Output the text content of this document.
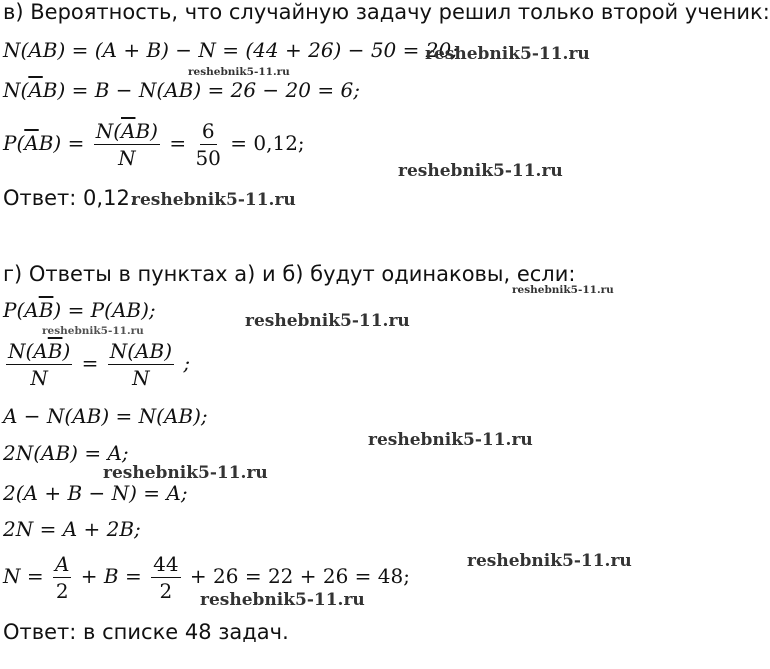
в) Вероятность, что случайную задачу решил только второй ученик:
N(AB) = (A + B) − N = (44 + 26) − 50 = 20;
$N(\overline{A}B) = B - N(AB) = 26 - 20 = 6$;
$P(\overline{A}B) = \frac{N(\overline{A}B)}{N} = \frac{6}{50} = 0,12$;
Ответ: 0,12.
г) Ответы в пунктах а) и б) будут одинаковы, если:
$P(A\overline{B}) = P(AB)$;
$\frac{N(A\overline{B})}{N} = \frac{N(AB)}{N}$ ;
A − N(AB) = N(AB);
2N(AB) = A;
2(A + B − N) = A;
2N = A + 2B;
$N = \frac{A}{2} + B = \frac{44}{2} + 26 = 22 + 26 = 48$;
Ответ: в списке 48 задач.
reshebnik5-11.ru
reshebnik5-11.ru
reshebnik5-11.ru
reshebnik5-11.ru
reshebnik5-11.ru
reshebnik5-11.ru
reshebnik5-11.ru
reshebnik5-11.ru
reshebnik5-11.ru
reshebnik5-11.ru
reshebnik5-11.ru
